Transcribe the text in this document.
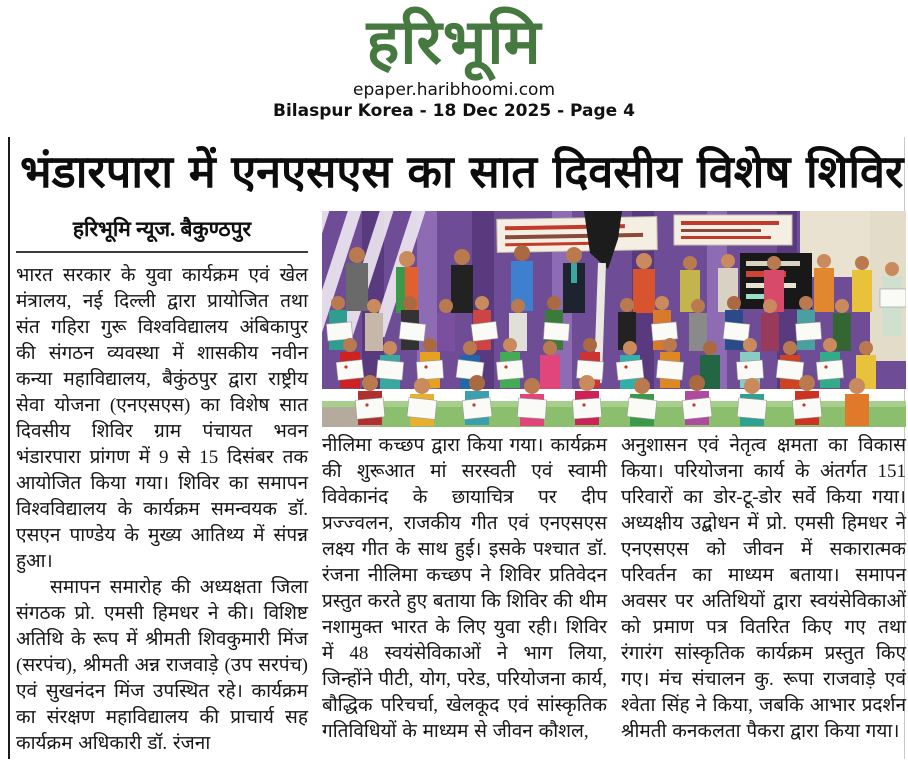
हरिभूमि
epaper.haribhoomi.com
Bilaspur Korea - 18 Dec 2025 - Page 4
भंडारपारा में एनएसएस का सात दिवसीय विशेष शिविर
हरिभूमि न्यूज. बैकुण्ठपुर

भारत सरकार के युवा कार्यक्रम एवं खेल मंत्रालय, नई दिल्ली द्वारा प्रायोजित तथा संत गहिरा गुरू विश्वविद्यालय अंबिकापुर की संगठन व्यवस्था में शासकीय नवीन कन्या महाविद्यालय, बैकुंठपुर द्वारा राष्ट्रीय सेवा योजना (एनएसएस) का विशेष सात दिवसीय शिविर ग्राम पंचायत भवन भंडारपारा प्रांगण में 9 से 15 दिसंबर तक आयोजित किया गया। शिविर का समापन विश्वविद्यालय के कार्यक्रम समन्वयक डॉ. एसएन पाण्डेय के मुख्य आतिथ्य में संपन्न हुआ।

समापन समारोह की अध्यक्षता जिला संगठक प्रो. एमसी हिमधर ने की। विशिष्ट अतिथि के रूप में श्रीमती शिवकुमारी मिंज (सरपंच), श्रीमती अन्न राजवाड़े (उप सरपंच) एवं सुखनंदन मिंज उपस्थित रहे। कार्यक्रम का संरक्षण महाविद्यालय की प्राचार्य सह कार्यक्रम अधिकारी डॉ. रंजना

नीलिमा कच्छप द्वारा किया गया। कार्यक्रम की शुरूआत मां सरस्वती एवं स्वामी विवेकानंद के छायाचित्र पर दीप प्रज्ज्वलन, राजकीय गीत एवं एनएसएस लक्ष्य गीत के साथ हुई। इसके पश्चात डॉ. रंजना नीलिमा कच्छप ने शिविर प्रतिवेदन प्रस्तुत करते हुए बताया कि शिविर की थीम नशामुक्त भारत के लिए युवा रही। शिविर में 48 स्वयंसेविकाओं ने भाग लिया, जिन्होंने पीटी, योग, परेड, परियोजना कार्य, बौद्धिक परिचर्चा, खेलकूद एवं सांस्कृतिक गतिविधियों के माध्यम से जीवन कौशल,

अनुशासन एवं नेतृत्व क्षमता का विकास किया। परियोजना कार्य के अंतर्गत 151 परिवारों का डोर-टू-डोर सर्वे किया गया। अध्यक्षीय उद्बोधन में प्रो. एमसी हिमधर ने एनएसएस को जीवन में सकारात्मक परिवर्तन का माध्यम बताया। समापन अवसर पर अतिथियों द्वारा स्वयंसेविकाओं को प्रमाण पत्र वितरित किए गए तथा रंगारंग सांस्कृतिक कार्यक्रम प्रस्तुत किए गए। मंच संचालन कु. रूपा राजवाड़े एवं श्वेता सिंह ने किया, जबकि आभार प्रदर्शन श्रीमती कनकलता पैकरा द्वारा किया गया।
